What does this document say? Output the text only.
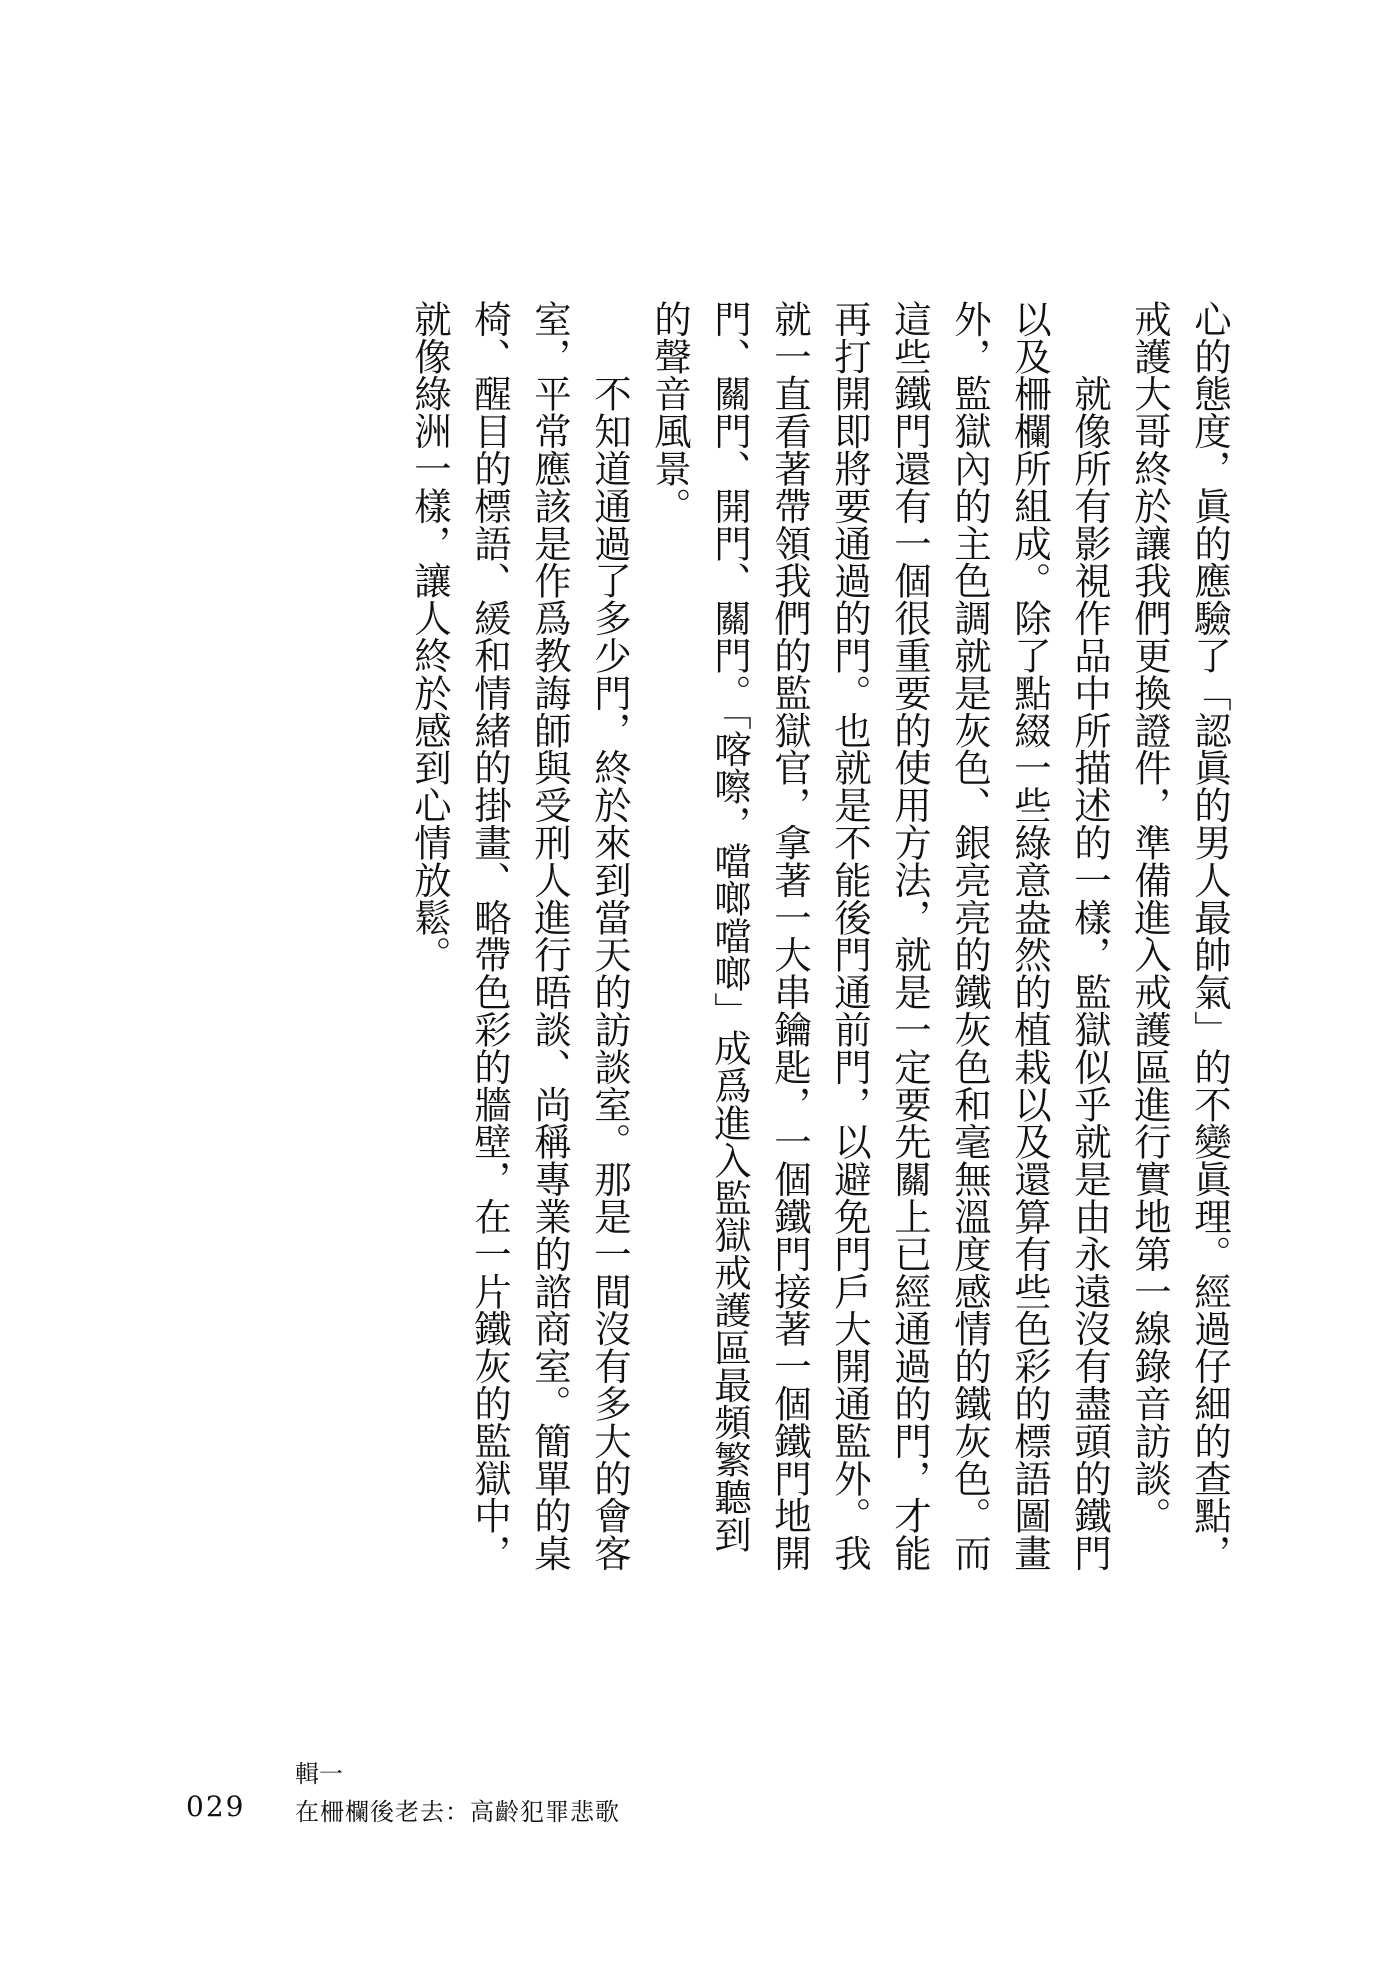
心的態度，眞的應驗了「認眞的男人最帥氣」的不變眞理。經過仔細的查點，
戒護大哥終於讓我們更換證件，準備進入戒護區進行實地第一線錄音訪談。
　　就像所有影視作品中所描述的一樣，監獄似乎就是由永遠沒有盡頭的鐵門
以及柵欄所組成。除了點綴一些綠意盎然的植栽以及還算有些色彩的標語圖畫
外，監獄內的主色調就是灰色、銀亮亮的鐵灰色和毫無溫度感情的鐵灰色。而
這些鐵門還有一個很重要的使用方法，就是一定要先關上已經通過的門，才能
再打開即將要通過的門。也就是不能後門通前門，以避免門戶大開通監外。我
就一直看著帶領我們的監獄官，拿著一大串鑰匙，一個鐵門接著一個鐵門地開
門、關門、開門、關門。「喀嚓，噹啷噹啷」成爲進入監獄戒護區最頻繁聽到
的聲音風景。
　　不知道通過了多少門，終於來到當天的訪談室。那是一間沒有多大的會客
室，平常應該是作爲教誨師與受刑人進行晤談、尚稱專業的諮商室。簡單的桌
椅、醒目的標語、緩和情緒的掛畫、略帶色彩的牆壁，在一片鐵灰的監獄中，
就像綠洲一樣，讓人終於感到心情放鬆。
029
輯一
在柵欄後老去：高齡犯罪悲歌
